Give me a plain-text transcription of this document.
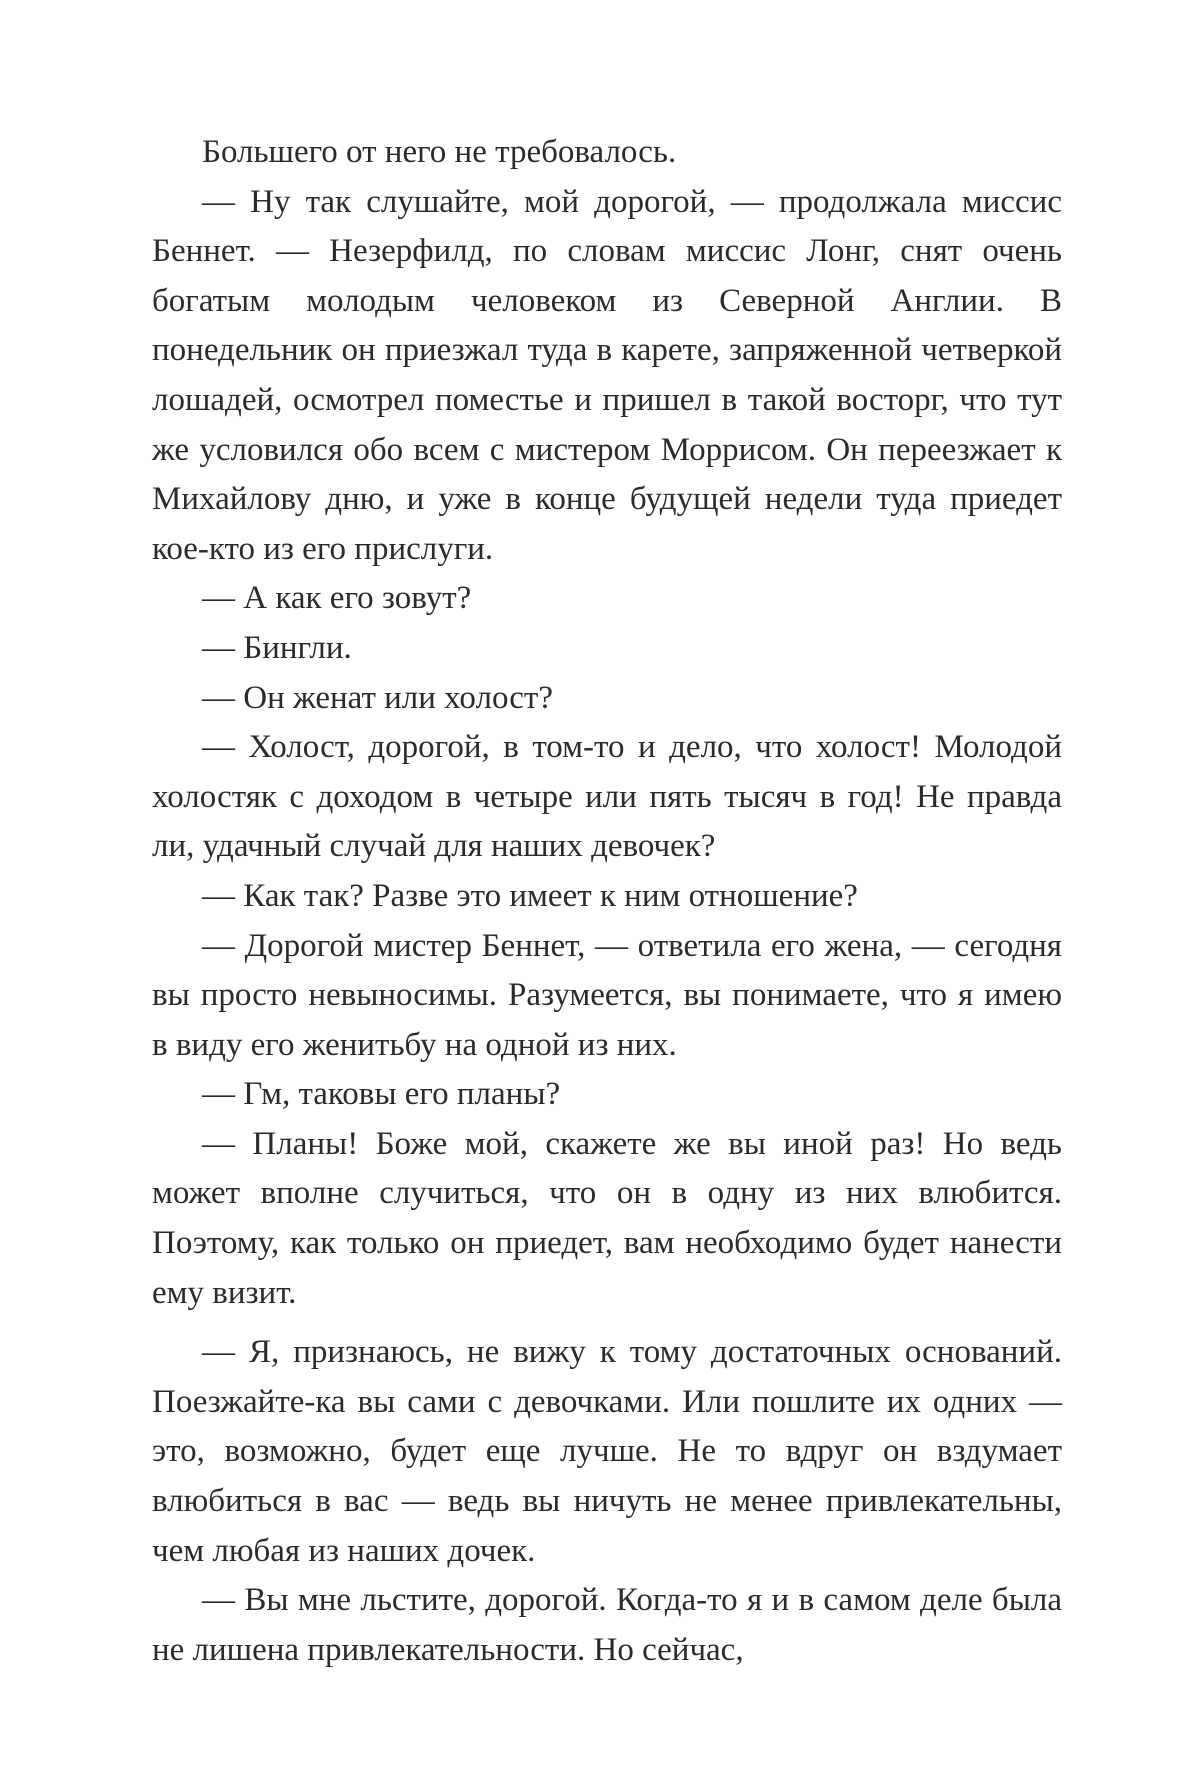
Большего от него не требовалось.

— Ну так слушайте, мой дорогой, — продолжала миссис Беннет. — Незерфилд, по словам миссис Лонг, снят очень богатым молодым человеком из Северной Англии. В понедельник он приезжал туда в карете, запряженной четверкой лошадей, осмотрел поместье и пришел в такой восторг, что тут же условился обо всем с мистером Моррисом. Он переезжает к Михайлову дню, и уже в конце будущей недели туда приедет кое-кто из его прислуги.

— А как его зовут?

— Бингли.

— Он женат или холост?

— Холост, дорогой, в том-то и дело, что холост! Молодой холостяк с доходом в четыре или пять тысяч в год! Не правда ли, удачный случай для наших девочек?

— Как так? Разве это имеет к ним отношение?

— Дорогой мистер Беннет, — ответила его жена, — сегодня вы просто невыносимы. Разумеется, вы понимаете, что я имею в виду его женитьбу на одной из них.

— Гм, таковы его планы?

— Планы! Боже мой, скажете же вы иной раз! Но ведь может вполне случиться, что он в одну из них влюбится. Поэтому, как только он приедет, вам необходимо будет нанести ему визит.

— Я, признаюсь, не вижу к тому достаточных оснований. Поезжайте-ка вы сами с девочками. Или пошлите их одних — это, возможно, будет еще лучше. Не то вдруг он вздумает влюбиться в вас — ведь вы ничуть не менее привлекательны, чем любая из наших дочек.

— Вы мне льстите, дорогой. Когда-то я и в самом деле была не лишена привлекательности. Но сейчас,
